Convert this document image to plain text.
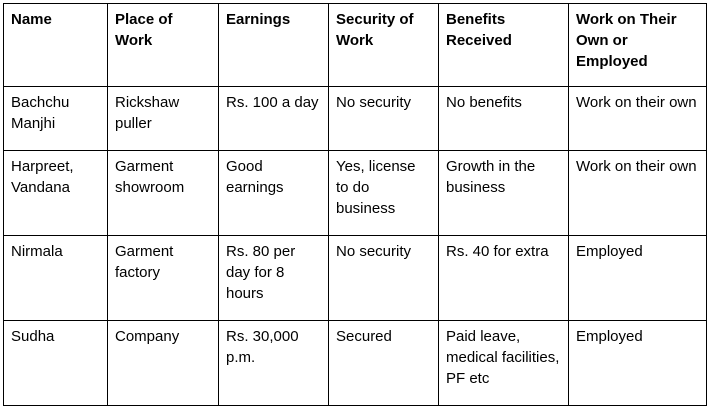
Name	Place of Work	Earnings	Security of Work	Benefits Received	Work on Their Own or Employed
Bachchu Manjhi	Rickshaw puller	Rs. 100 a day	No security	No benefits	Work on their own
Harpreet, Vandana	Garment showroom	Good earnings	Yes, license to do business	Growth in the business	Work on their own
Nirmala	Garment factory	Rs. 80 per day for 8 hours	No security	Rs. 40 for extra	Employed
Sudha	Company	Rs. 30,000 p.m.	Secured	Paid leave, medical facilities, PF etc	Employed
